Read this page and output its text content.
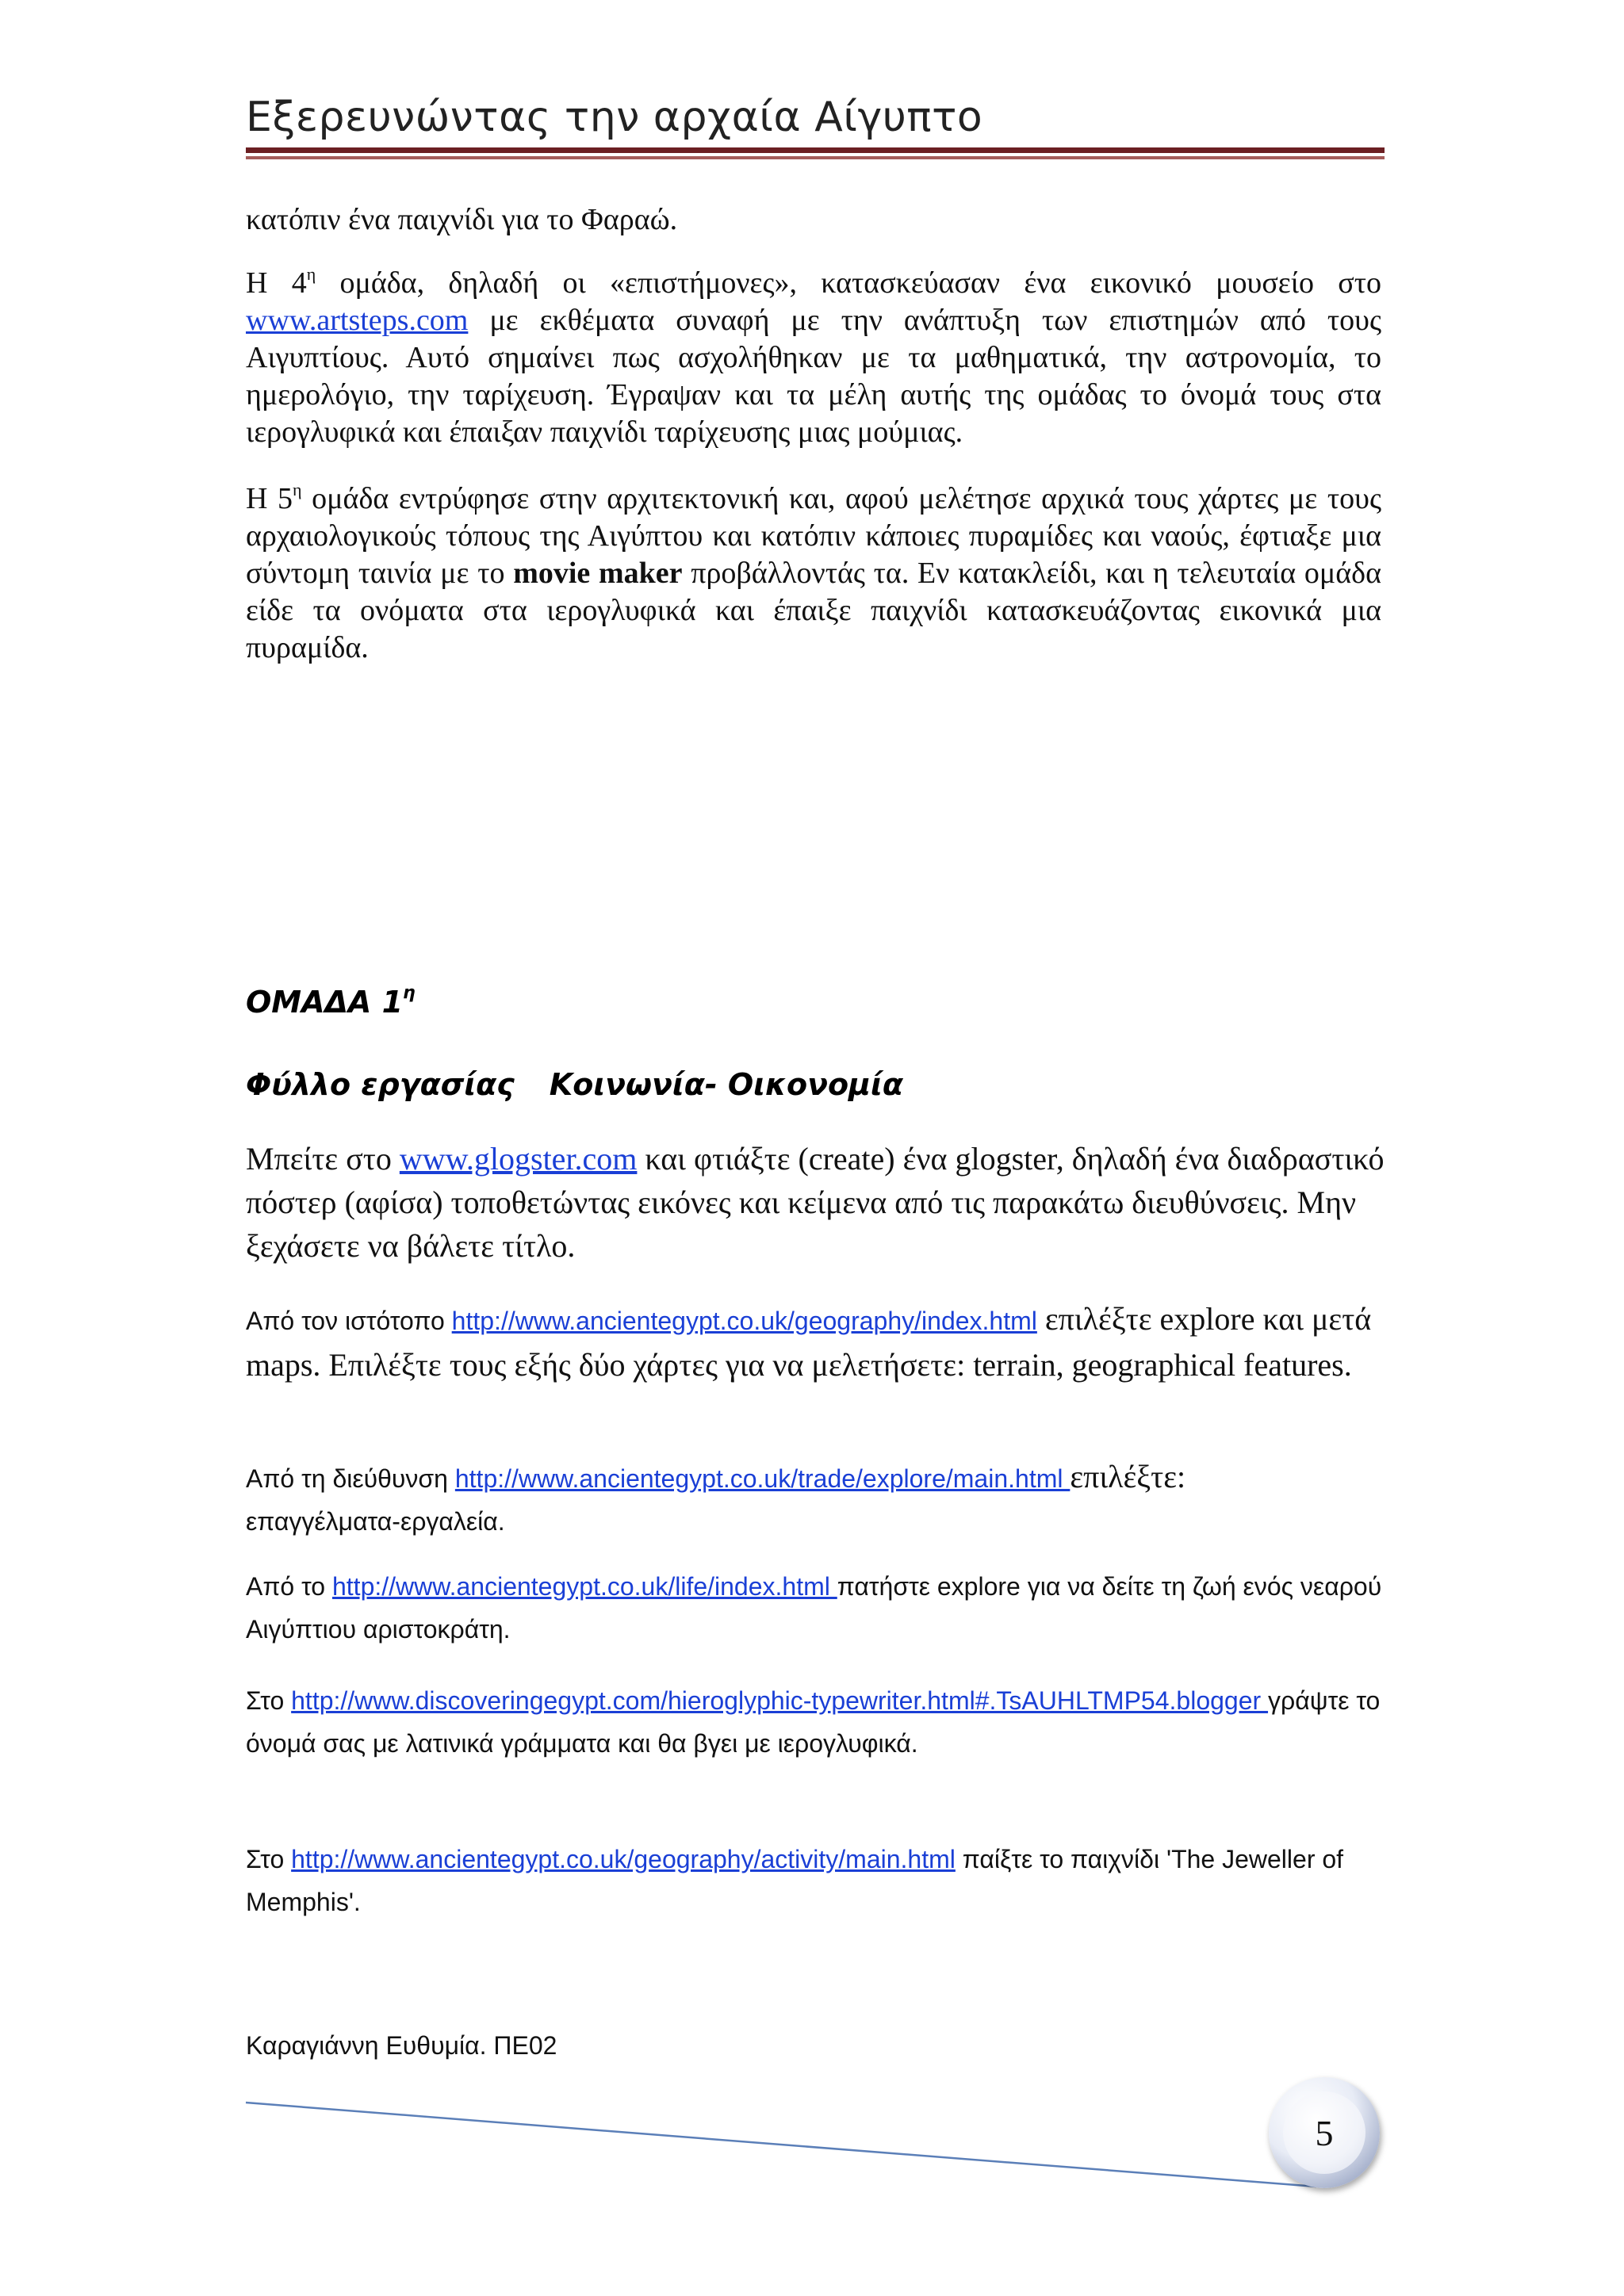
Εξερευνώντας την αρχαία Αίγυπτο

κατόπιν ένα παιχνίδι για το Φαραώ.

Η $4^\eta$ ομάδα, δηλαδή οι «επιστήμονες», κατασκεύασαν ένα εικονικό μουσείο στο www.artsteps.com με εκθέματα συναφή με την ανάπτυξη των επιστημών από τους Αιγυπτίους. Αυτό σημαίνει πως ασχολήθηκαν με τα μαθηματικά, την αστρονομία, το ημερολόγιο, την ταρίχευση. Έγραψαν και τα μέλη αυτής της ομάδας το όνομά τους στα ιερογλυφικά και έπαιξαν παιχνίδι ταρίχευσης μιας μούμιας.

Η $5^\eta$ ομάδα εντρύφησε στην αρχιτεκτονική και, αφού μελέτησε αρχικά τους χάρτες με τους αρχαιολογικούς τόπους της Αιγύπτου και κατόπιν κάποιες πυραμίδες και ναούς, έφτιαξε μια σύντομη ταινία με το movie maker προβάλλοντάς τα. Εν κατακλείδι, και η τελευταία ομάδα είδε τα ονόματα στα ιερογλυφικά και έπαιξε παιχνίδι κατασκευάζοντας εικονικά μια πυραμίδα.

ΟΜΑΔΑ $1^\eta$
Φύλλο εργασίας Κοινωνία- Οικονομία

Μπείτε στο www.glogster.com και φτιάξτε (create) ένα glogster, δηλαδή ένα διαδραστικό πόστερ (αφίσα) τοποθετώντας εικόνες και κείμενα από τις παρακάτω διευθύνσεις. Μην ξεχάσετε να βάλετε τίτλο.

Από τον ιστότοπο http://www.ancientegypt.co.uk/geography/index.html επιλέξτε explore και μετά maps. Επιλέξτε τους εξής δύο χάρτες για να μελετήσετε: terrain, geographical features.

Από τη διεύθυνση http://www.ancientegypt.co.uk/trade/explore/main.html επιλέξτε:
επαγγέλματα-εργαλεία.

Από το http://www.ancientegypt.co.uk/life/index.html πατήστε explore για να δείτε τη ζωή ενός νεαρού Αιγύπτιου αριστοκράτη.

Στο http://www.discoveringegypt.com/hieroglyphic-typewriter.html#.TsAUHLTMP54.blogger γράψτε το όνομά σας με λατινικά γράμματα και θα βγει με ιερογλυφικά.

Στο http://www.ancientegypt.co.uk/geography/activity/main.html παίξτε το παιχνίδι 'The Jeweller of Memphis'.

Καραγιάννη Ευθυμία. ΠΕ02
5
